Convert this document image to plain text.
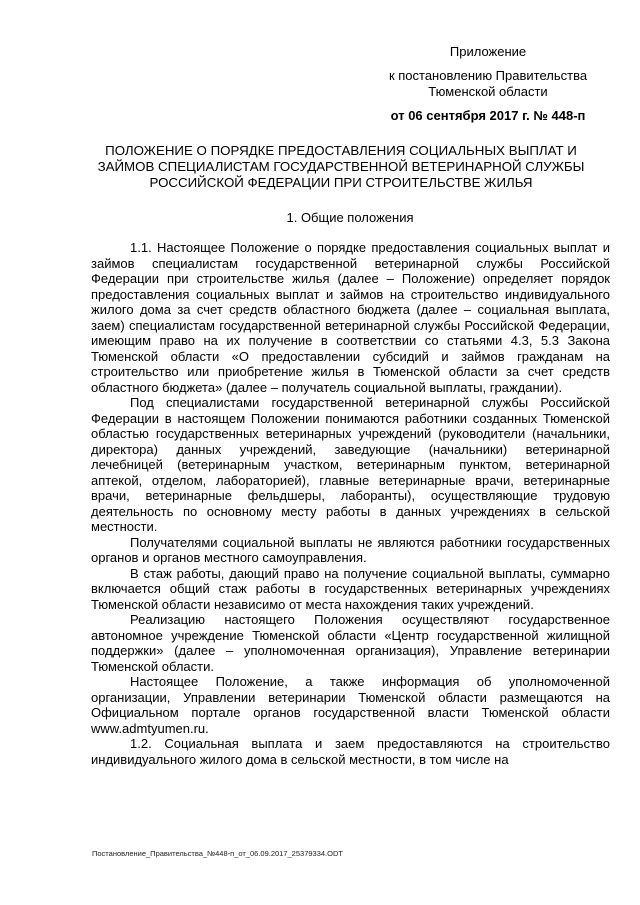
Приложение
к постановлению Правительства
Тюменской области
от 06 сентября 2017 г. № 448-п
ПОЛОЖЕНИЕ О ПОРЯДКЕ ПРЕДОСТАВЛЕНИЯ СОЦИАЛЬНЫХ ВЫПЛАТ И
ЗАЙМОВ СПЕЦИАЛИСТАМ ГОСУДАРСТВЕННОЙ ВЕТЕРИНАРНОЙ СЛУЖБЫ
РОССИЙСКОЙ ФЕДЕРАЦИИ ПРИ СТРОИТЕЛЬСТВЕ ЖИЛЬЯ
1. Общие положения

1.1. Настоящее Положение о порядке предоставления социальных выплат и займов специалистам государственной ветеринарной службы Российской Федерации при строительстве жилья (далее – Положение) определяет порядок предоставления социальных выплат и займов на строительство индивидуального жилого дома за счет средств областного бюджета (далее – социальная выплата, заем) специалистам государственной ветеринарной службы Российской Федерации, имеющим право на их получение в соответствии со статьями 4.3, 5.3 Закона Тюменской области «О предоставлении субсидий и займов гражданам на строительство или приобретение жилья в Тюменской области за счет средств областного бюджета» (далее – получатель социальной выплаты, граждании).

Под специалистами государственной ветеринарной службы Российской Федерации в настоящем Положении понимаются работники созданных Тюменской областью государственных ветеринарных учреждений (руководители (начальники, директора) данных учреждений, заведующие (начальники) ветеринарной лечебницей (ветеринарным участком, ветеринарным пунктом, ветеринарной аптекой, отделом, лабораторией), главные ветеринарные врачи, ветеринарные врачи, ветеринарные фельдшеры, лаборанты), осуществляющие трудовую деятельность по основному месту работы в данных учреждениях в сельской местности.

Получателями социальной выплаты не являются работники государственных органов и органов местного самоуправления.

В стаж работы, дающий право на получение социальной выплаты, суммарно включается общий стаж работы в государственных ветеринарных учреждениях Тюменской области независимо от места нахождения таких учреждений.

Реализацию настоящего Положения осуществляют государственное автономное учреждение Тюменской области «Центр государственной жилищной поддержки» (далее – уполномоченная организация), Управление ветеринарии Тюменской области.

Настоящее Положение, а также информация об уполномоченной организации, Управлении ветеринарии Тюменской области размещаются на Официальном портале органов государственной власти Тюменской области www.admtyumen.ru.

1.2. Социальная выплата и заем предоставляются на строительство индивидуального жилого дома в сельской местности, в том числе на

Постановление_Правительства_№448-п_от_06.09.2017_25379334.ODT
